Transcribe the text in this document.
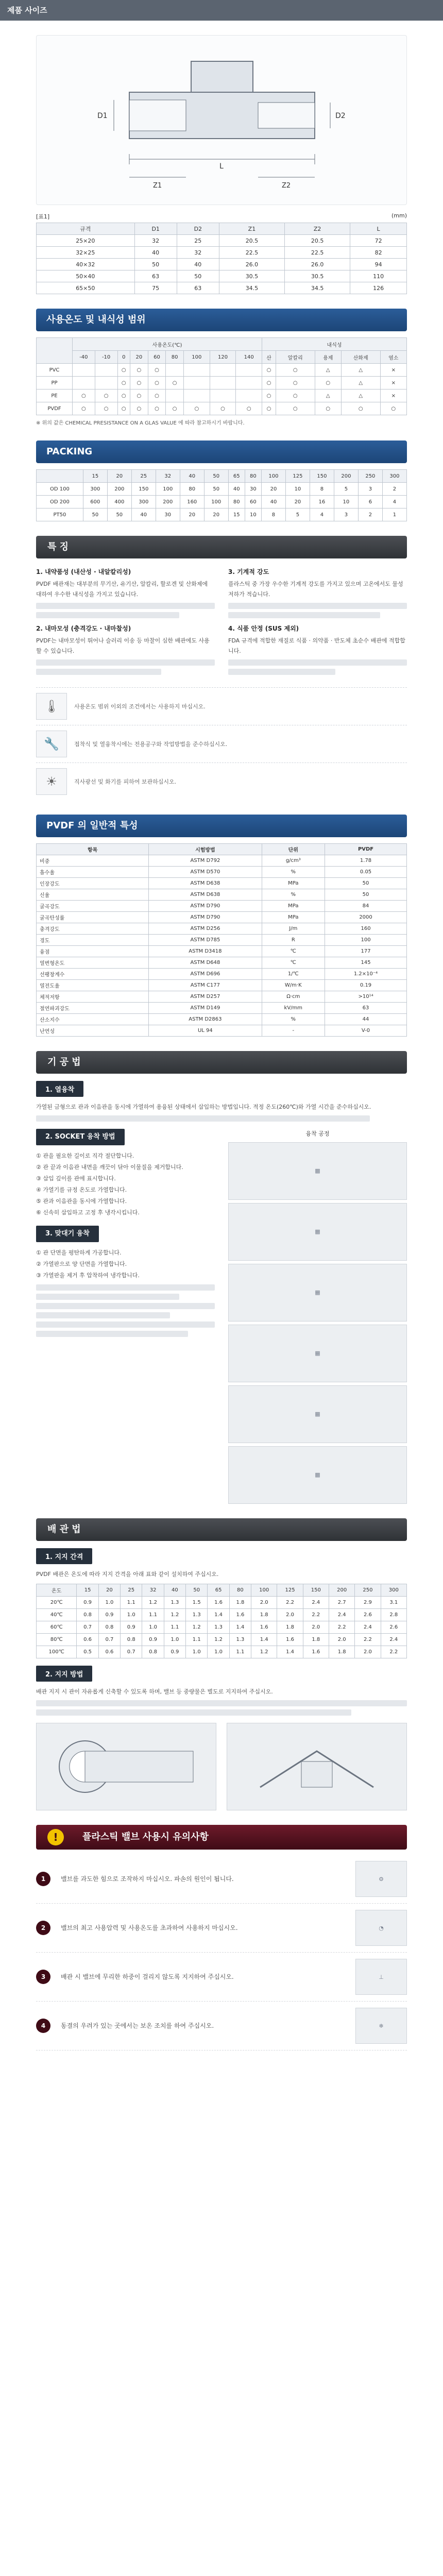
제품 사이즈
L
D1	D2
Z1	Z2
[표1]	(mm)
규격	D1	D2	Z1	Z2	L
25×20	32	25	20.5	20.5	72
32×25	40	32	22.5	22.5	82
40×32	50	40	26.0	26.0	94
50×40	63	50	30.5	30.5	110
65×50	75	63	34.5	34.5	126
사용온도 및 내식성 범위
	사용온도(℃)									내식성				
	-40	-10	0	20	60	80	100	120	140	산	알칼리	용제	산화제	염소
PVC			○	○	○					○	○	△	△	×
PP			○	○	○	○				○	○	○	△	×
PE	○	○	○	○	○					○	○	△	△	×
PVDF	○	○	○	○	○	○	○	○	○	○	○	○	○	○
※ 위의 값은 CHEMICAL PRESISTANCE ON A GLAS VALUE 에 따라 참고하시기 바랍니다.
PACKING
	15	20	25	32	40	50	65	80	100	125	150	200	250	300
OD 100	300	200	150	100	80	50	40	30	20	10	8	5	3	2
OD 200	600	400	300	200	160	100	80	60	40	20	16	10	6	4
PT50	50	50	40	30	20	20	15	10	8	5	4	3	2	1
특 징
1. 내약품성 (내산성 · 내알칼리성)

PVDF 배관재는 대부분의 무기산, 유기산, 알칼리, 할로겐 및 산화제에 대하여 우수한 내식성을 가지고 있습니다.

2. 내마모성 (충격강도 · 내마찰성)

PVDF는 내마모성이 뛰어나 슬러리 이송 등 마찰이 심한 배관에도 사용할 수 있습니다.

3. 기계적 강도

플라스틱 중 가장 우수한 기계적 강도를 가지고 있으며 고온에서도 물성 저하가 적습니다.

4. 식품 안정 (SUS 제외)

FDA 규격에 적합한 재질로 식품 · 의약품 · 반도체 초순수 배관에 적합합니다.

🌡	사용온도 범위 이외의 조건에서는 사용하지 마십시오.
🔧	접착식 및 열융착시에는 전용공구와 작업방법을 준수하십시오.
☀	직사광선 및 화기를 피하여 보관하십시오.
PVDF 의 일반적 특성
항목	시험방법	단위	PVDF
비중	ASTM D792	g/cm³	1.78
흡수율	ASTM D570	%	0.05
인장강도	ASTM D638	MPa	50
신율	ASTM D638	%	50
굴곡강도	ASTM D790	MPa	84
굴곡탄성률	ASTM D790	MPa	2000
충격강도	ASTM D256	J/m	160
경도	ASTM D785	R	100
융점	ASTM D3418	℃	177
열변형온도	ASTM D648	℃	145
선팽창계수	ASTM D696	1/℃	1.2×10⁻⁴
열전도율	ASTM C177	W/m·K	0.19
체적저항	ASTM D257	Ω·cm	>10¹⁴
절연파괴강도	ASTM D149	kV/mm	63
산소지수	ASTM D2863	%	44
난연성	UL 94	-	V-0
기 공 법
1. 열융착

가열된 금형으로 관과 이음관을 동시에 가열하여 용융된 상태에서 삽입하는 방법입니다. 적정 온도(260℃)와 가열 시간을 준수하십시오.

2. SOCKET 융착 방법

① 관을 필요한 길이로 직각 절단합니다.

② 관 끝과 이음관 내면을 깨끗이 닦아 이물질을 제거합니다.

③ 삽입 깊이를 관에 표시합니다.

④ 가열기를 규정 온도로 가열합니다.

⑤ 관과 이음관을 동시에 가열합니다.

⑥ 신속히 삽입하고 고정 후 냉각시킵니다.

3. 맞대기 융착

① 관 단면을 평탄하게 가공합니다.

② 가열판으로 양 단면을 가열합니다.

③ 가열판을 제거 후 압착하여 냉각합니다.

융착 공정
▦
▦
▦
▦
▦
▦
배 관 법
1. 지지 간격

PVDF 배관은 온도에 따라 지지 간격을 아래 표와 같이 설치하여 주십시오.

온도	15	20	25	32	40	50	65	80	100	125	150	200	250	300
20℃	0.9	1.0	1.1	1.2	1.3	1.5	1.6	1.8	2.0	2.2	2.4	2.7	2.9	3.1
40℃	0.8	0.9	1.0	1.1	1.2	1.3	1.4	1.6	1.8	2.0	2.2	2.4	2.6	2.8
60℃	0.7	0.8	0.9	1.0	1.1	1.2	1.3	1.4	1.6	1.8	2.0	2.2	2.4	2.6
80℃	0.6	0.7	0.8	0.9	1.0	1.1	1.2	1.3	1.4	1.6	1.8	2.0	2.2	2.4
100℃	0.5	0.6	0.7	0.8	0.9	1.0	1.0	1.1	1.2	1.4	1.6	1.8	2.0	2.2
2. 지지 방법

배관 지지 시 관이 자유롭게 신축할 수 있도록 하며, 밸브 등 중량물은 별도로 지지하여 주십시오.

!	플라스틱 밸브 사용시 유의사항
1	밸브를 과도한 힘으로 조작하지 마십시오. 파손의 원인이 됩니다.	⚙
2	밸브의 최고 사용압력 및 사용온도를 초과하여 사용하지 마십시오.	◔
3	배관 시 밸브에 무리한 하중이 걸리지 않도록 지지하여 주십시오.	⊥
4	동결의 우려가 있는 곳에서는 보온 조치를 하여 주십시오.	❄
